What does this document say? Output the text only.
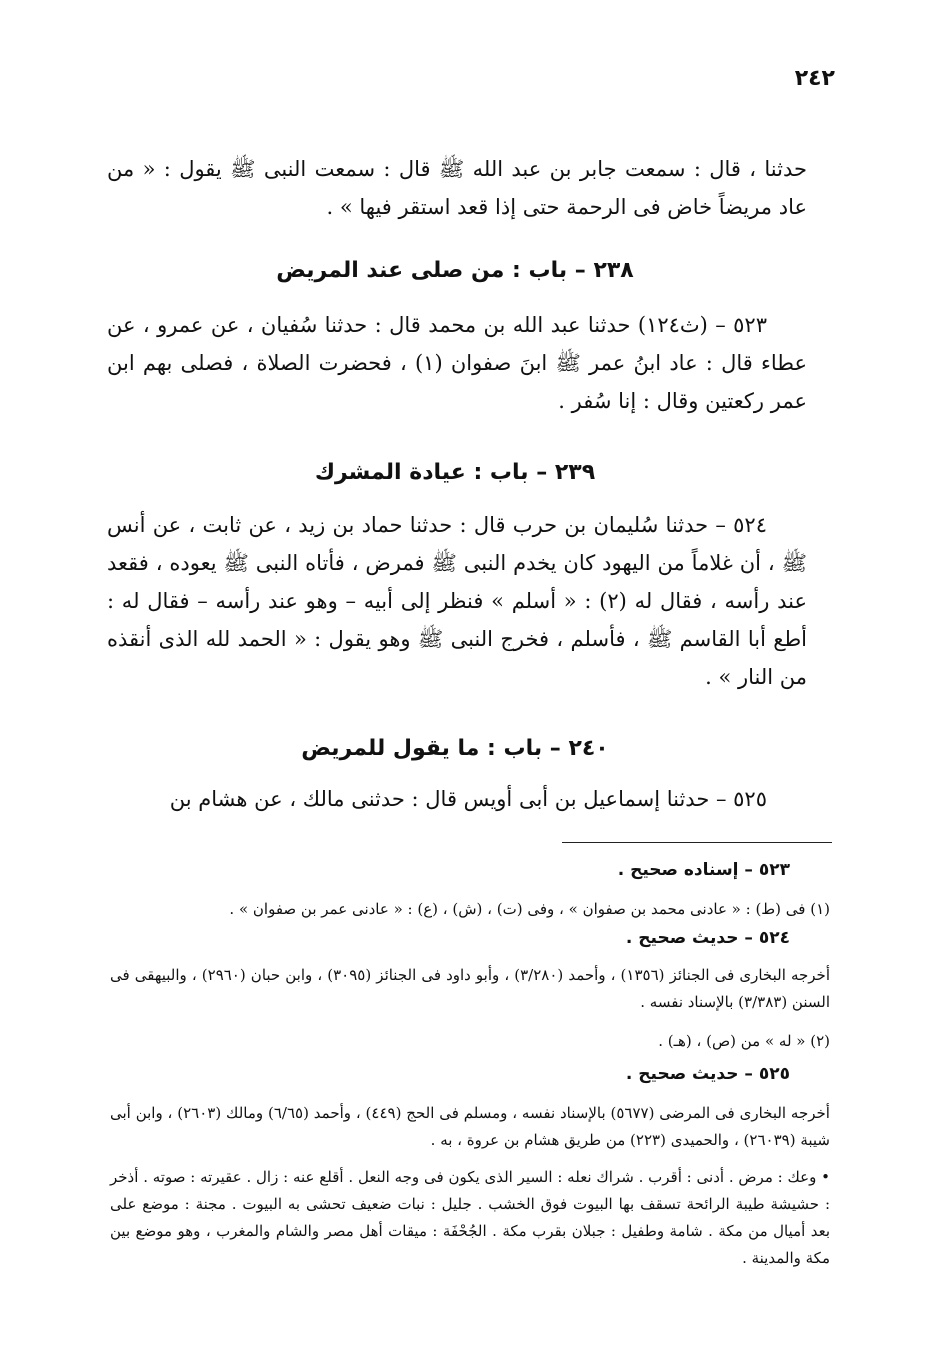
٢٤٢
حدثنا ، قال : سمعت جابر بن عبد الله ﷺ قال : سمعت النبى ﷺ يقول : « من عاد مريضاً خاض فى الرحمة حتى إذا قعد استقر فيها » .
٢٣٨ – باب : من صلى عند المريض
٥٢٣ – (ث١٢٤) حدثنا عبد الله بن محمد قال : حدثنا سُفيان ، عن عمرو ، عن عطاء قال : عاد ابنُ عمر ﷺ ابنَ صفوان (١) ، فحضرت الصلاة ، فصلى بهم ابن عمر ركعتين وقال : إنا سُفر .
٢٣٩ – باب : عيادة المشرك
٥٢٤ – حدثنا سُليمان بن حرب قال : حدثنا حماد بن زيد ، عن ثابت ، عن أنس ﷺ ، أن غلاماً من اليهود كان يخدم النبى ﷺ فمرض ، فأتاه النبى ﷺ يعوده ، فقعد عند رأسه ، فقال له (٢) : « أسلم » فنظر إلى أبيه – وهو عند رأسه – فقال له : أطع أبا القاسم ﷺ ، فأسلم ، فخرج النبى ﷺ وهو يقول : « الحمد لله الذى أنقذه من النار » .
٢٤٠ – باب : ما يقول للمريض
٥٢٥ – حدثنا إسماعيل بن أبى أويس قال : حدثنى مالك ، عن هشام بن
٥٢٣ – إسناده صحيح .
(١) فى (ط) : « عادنى محمد بن صفوان » ، وفى (ت) ، (ش) ، (ع) : « عادنى عمر بن صفوان » .
٥٢٤ – حديث صحيح .
أخرجه البخارى فى الجنائز (١٣٥٦) ، وأحمد (٣/٢٨٠) ، وأبو داود فى الجنائز (٣٠٩٥) ، وابن حبان (٢٩٦٠) ، والبيهقى فى السنن (٣/٣٨٣) بالإسناد نفسه .
(٢) « له » من (ص) ، (هـ) .
٥٢٥ – حديث صحيح .
أخرجه البخارى فى المرضى (٥٦٧٧) بالإسناد نفسه ، ومسلم فى الحج (٤٤٩) ، وأحمد (٦/٦٥) ومالك (٢٦٠٣) ، وابن أبى شيبة (٢٦٠٣٩) ، والحميدى (٢٢٣) من طريق هشام بن عروة ، به .
• وعك : مرض . أدنى : أقرب . شراك نعله : السير الذى يكون فى وجه النعل . أقلع عنه : زال . عقيرته : صوته . أذخر : حشيشة طيبة الرائحة تسقف بها البيوت فوق الخشب . جليل : نبات ضعيف تحشى به البيوت . مجنة : موضع على بعد أميال من مكة . شامة وطفيل : جبلان بقرب مكة . الجُحْفَة : ميقات أهل مصر والشام والمغرب ، وهو موضع بين مكة والمدينة .
